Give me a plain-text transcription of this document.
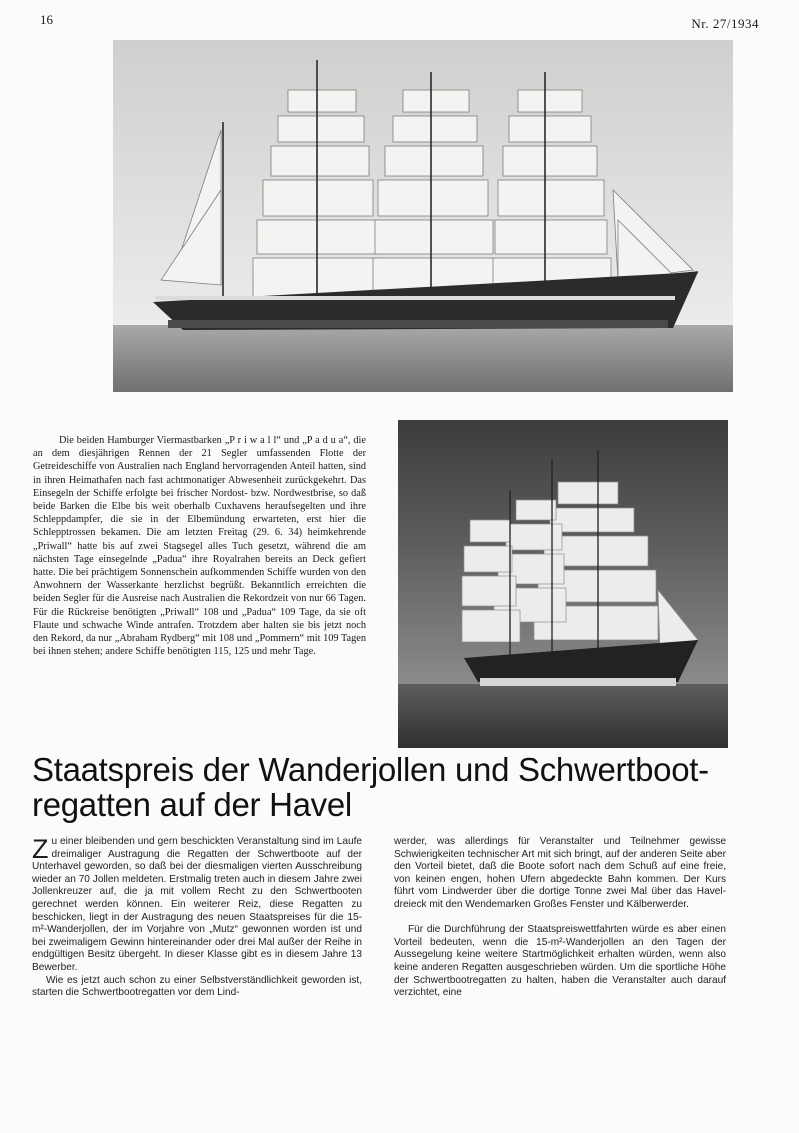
16	Nr. 27/1934

Die beiden Hamburger Viermastbarken „P r i w a l l“ und „P a d u a“, die an dem diesjährigen Rennen der 21 Segler umfassenden Flotte der Getreideschiffe von Australien nach England hervorragenden Anteil hatten, sind in ihren Heimathafen nach fast achtmonatiger Abwesenheit zurückgekehrt. Das Einsegeln der Schiffe erfolgte bei frischer Nordost- bzw. Nordwestbrise, so daß beide Barken die Elbe bis weit oberhalb Cuxhavens heraufsegelten und ihre Schleppdampfer, die sie in der Elbemündung erwarteten, erst hier die Schlepptrossen bekamen. Die am letzten Freitag (29. 6. 34) heimkehrende „Priwall“ hatte bis auf zwei Stagsegel alles Tuch gesetzt, während die am nächsten Tage einsegelnde „Padua“ ihre Royalrahen bereits an Deck gefiert hatte. Die bei prächtigem Sonnenschein aufkommenden Schiffe wurden von den Anwohnern der Wasserkante herzlichst begrüßt. Bekanntlich erreichten die beiden Segler für die Ausreise nach Australien die Rekordzeit von nur 66 Tagen. Für die Rückreise benötigten „Priwall“ 108 und „Padua“ 109 Tage, da sie oft Flaute und schwache Winde antrafen. Trotzdem aber halten sie bis jetzt noch den Rekord, da nur „Abraham Rydberg“ mit 108 und „Pommern“ mit 109 Tagen bei ihnen stehen; andere Schiffe benötigten 115, 125 und mehr Tage.

Staatspreis der Wanderjollen und Schwertboot-regatten auf der Havel

Z u einer bleibenden und gern beschickten Veranstaltung sind im Laufe dreimaliger Austragung die Regatten der Schwertboote auf der Unterhavel geworden, so daß bei der diesmaligen vierten Ausschreibung wieder an 70 Jollen meldeten. Erstmalig treten auch in diesem Jahre zwei Jollenkreuzer auf, die ja mit vollem Recht zu den Schwertbooten gerechnet werden können. Ein weiterer Reiz, diese Regatten zu beschicken, liegt in der Austragung des neuen Staatspreises für die 15-m²-Wanderjollen, der im Vorjahre von „Mutz“ gewonnen worden ist und bei zweimaligem Gewinn hintereinander oder drei Mal außer der Reihe in endgültigen Besitz übergeht. In dieser Klasse gibt es in diesem Jahre 13 Bewerber.

Wie es jetzt auch schon zu einer Selbstverständlichkeit geworden ist, starten die Schwertbootregatten vor dem Lind-

werder, was allerdings für Veranstalter und Teilnehmer gewisse Schwierigkeiten technischer Art mit sich bringt, auf der anderen Seite aber den Vorteil bietet, daß die Boote sofort nach dem Schuß auf eine freie, von keinen engen, hohen Ufern abgedeckte Bahn kommen. Der Kurs führt vom Lindwerder über die dortige Tonne zwei Mal über das Haveldreieck mit den Wendemarken Großes Fenster und Kälberwerder.

Für die Durchführung der Staatspreiswettfahrten würde es aber einen Vorteil bedeuten, wenn die 15-m²-Wanderjollen an den Tagen der Aussegelung keine weitere Startmöglichkeit erhalten würden, wenn also keine anderen Regatten ausgeschrieben würden. Um die sportliche Höhe der Schwertbootregatten zu halten, haben die Veranstalter auch darauf verzichtet, eine
